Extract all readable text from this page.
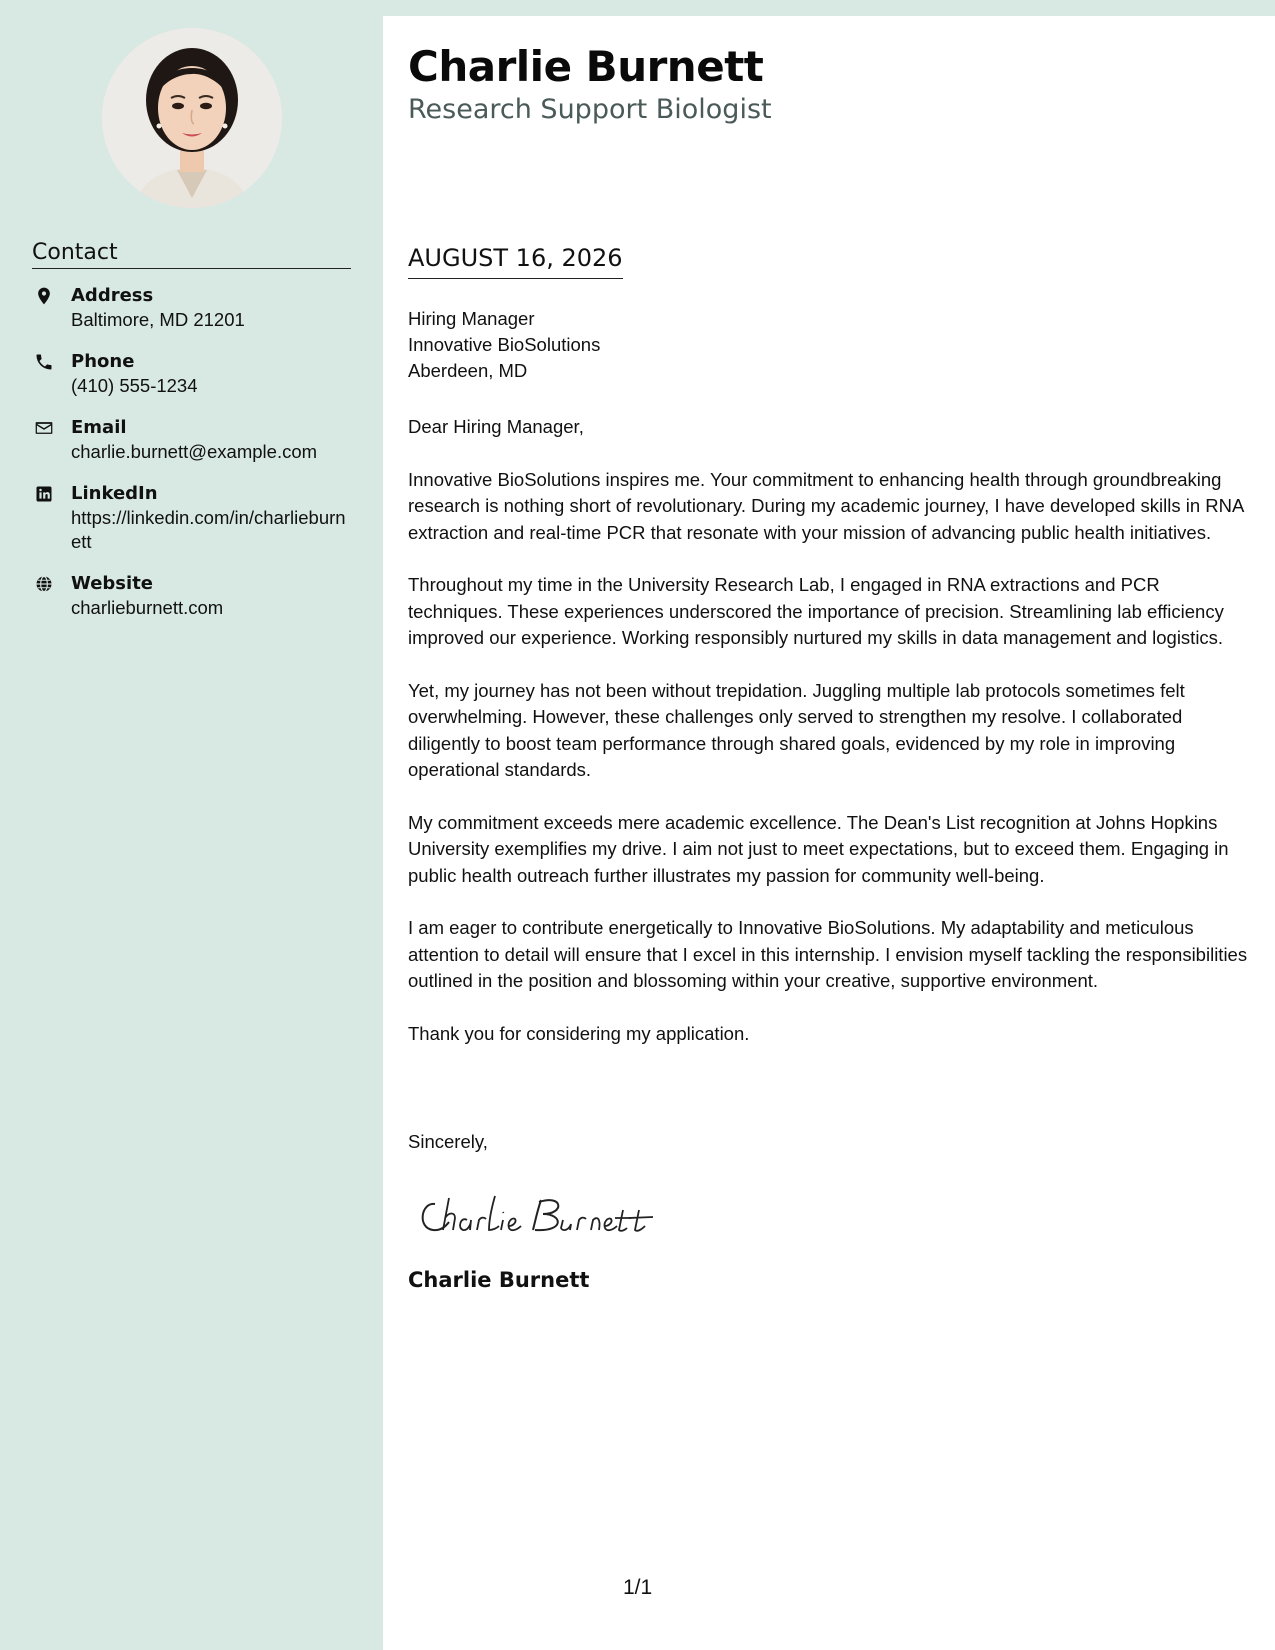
Contact
Address
Baltimore, MD 21201
Phone
(410) 555-1234
Email
charlie.burnett@example.com
LinkedIn
https://linkedin.com/in/charlieburnett
Website
charlieburnett.com
Charlie Burnett
Research Support Biologist
AUGUST 16, 2026
Hiring Manager
Innovative BioSolutions
Aberdeen, MD

Dear Hiring Manager,

Innovative BioSolutions inspires me. Your commitment to enhancing health through groundbreaking research is nothing short of revolutionary. During my academic journey, I have developed skills in RNA extraction and real-time PCR that resonate with your mission of advancing public health initiatives.

Throughout my time in the University Research Lab, I engaged in RNA extractions and PCR techniques. These experiences underscored the importance of precision. Streamlining lab efficiency improved our experience. Working responsibly nurtured my skills in data management and logistics.

Yet, my journey has not been without trepidation. Juggling multiple lab protocols sometimes felt overwhelming. However, these challenges only served to strengthen my resolve. I collaborated diligently to boost team performance through shared goals, evidenced by my role in improving operational standards.

My commitment exceeds mere academic excellence. The Dean's List recognition at Johns Hopkins University exemplifies my drive. I aim not just to meet expectations, but to exceed them. Engaging in public health outreach further illustrates my passion for community well-being.

I am eager to contribute energetically to Innovative BioSolutions. My adaptability and meticulous attention to detail will ensure that I excel in this internship. I envision myself tackling the responsibilities outlined in the position and blossoming within your creative, supportive environment.

Thank you for considering my application.

Sincerely,
Charlie Burnett
1/1
